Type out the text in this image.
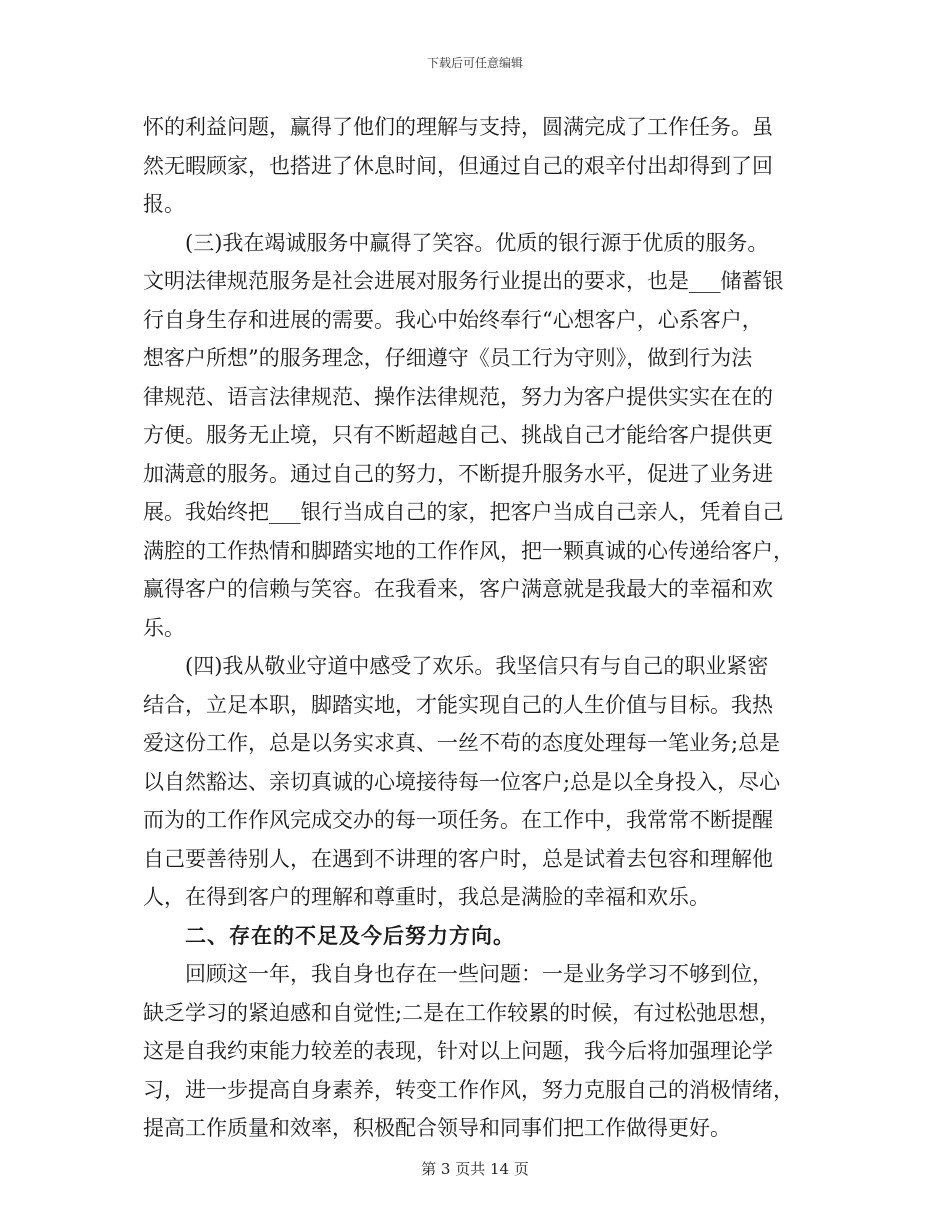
下载后可任意编辑
怀的利益问题，赢得了他们的理解与支持，圆满完成了工作任务。虽
然无暇顾家，也搭进了休息时间，但通过自己的艰辛付出却得到了回
报。
(三)我在竭诚服务中赢得了笑容。优质的银行源于优质的服务。
文明法律规范服务是社会进展对服务行业提出的要求，也是___储蓄银
行自身生存和进展的需要。我心中始终奉行“心想客户，心系客户，
想客户所想”的服务理念，仔细遵守《员工行为守则》，做到行为法
律规范、语言法律规范、操作法律规范，努力为客户提供实实在在的
方便。服务无止境，只有不断超越自己、挑战自己才能给客户提供更
加满意的服务。通过自己的努力，不断提升服务水平，促进了业务进
展。我始终把___银行当成自己的家，把客户当成自己亲人，凭着自己
满腔的工作热情和脚踏实地的工作作风，把一颗真诚的心传递给客户，
赢得客户的信赖与笑容。在我看来，客户满意就是我最大的幸福和欢
乐。
(四)我从敬业守道中感受了欢乐。我坚信只有与自己的职业紧密
结合，立足本职，脚踏实地，才能实现自己的人生价值与目标。我热
爱这份工作，总是以务实求真、一丝不苟的态度处理每一笔业务;总是
以自然豁达、亲切真诚的心境接待每一位客户;总是以全身投入，尽心
而为的工作作风完成交办的每一项任务。在工作中，我常常不断提醒
自己要善待别人，在遇到不讲理的客户时，总是试着去包容和理解他
人，在得到客户的理解和尊重时，我总是满脸的幸福和欢乐。
二、存在的不足及今后努力方向。
回顾这一年，我自身也存在一些问题：一是业务学习不够到位，
缺乏学习的紧迫感和自觉性;二是在工作较累的时候，有过松弛思想，
这是自我约束能力较差的表现，针对以上问题，我今后将加强理论学
习，进一步提高自身素养，转变工作作风，努力克服自己的消极情绪，
提高工作质量和效率，积极配合领导和同事们把工作做得更好。
第 3 页共 14 页
